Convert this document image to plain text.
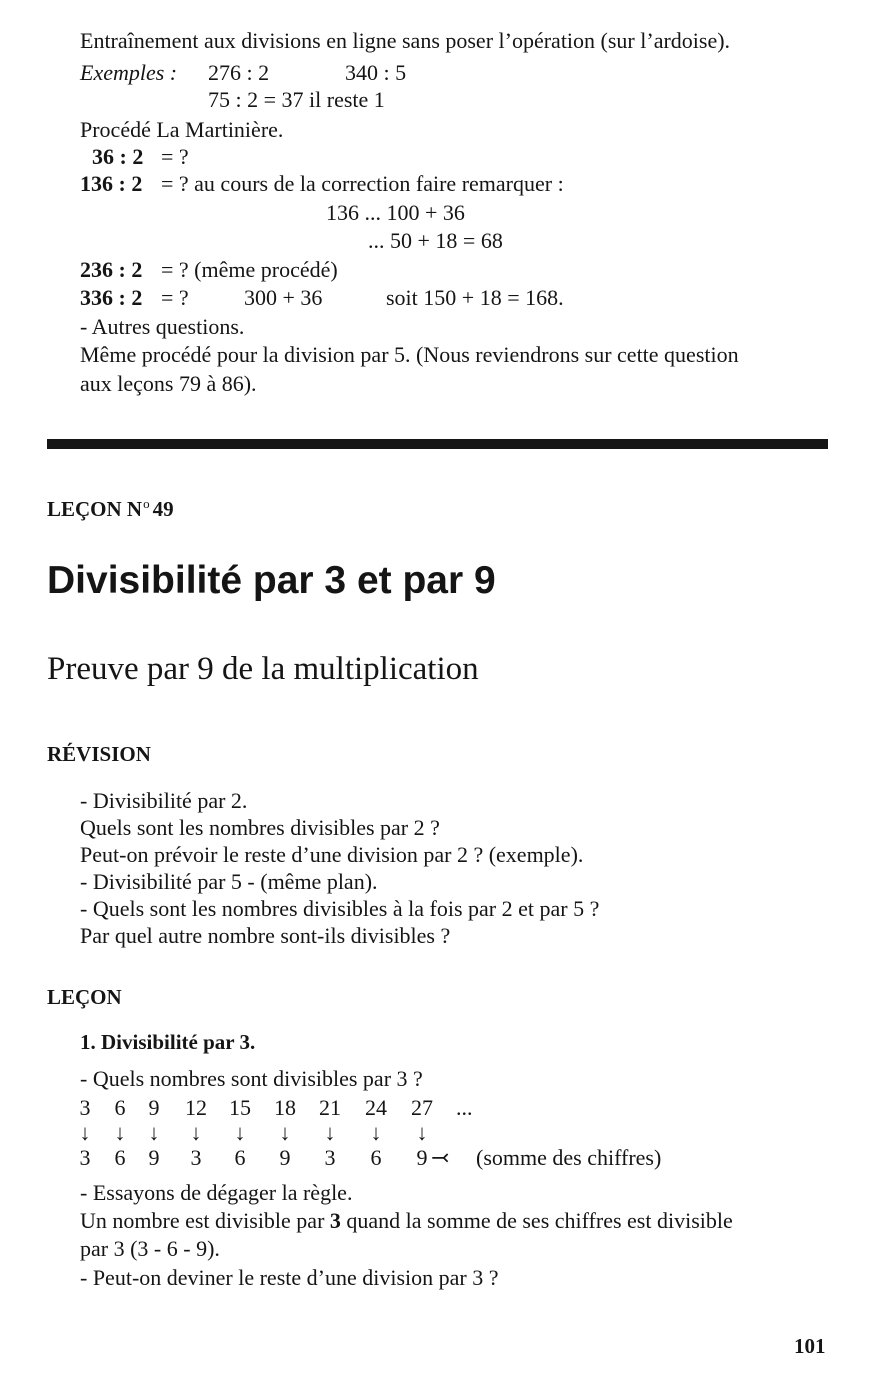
Entraînement aux divisions en ligne sans poser l’opération (sur l’ardoise).
Exemples : 276 : 2	340 : 5
75 : 2 = 37 il reste 1
Procédé La Martinière.
36 : 2 = ?
136 : 2 = ? au cours de la correction faire remarquer :
136 ... 100 + 36
... 50 + 18 = 68
236 : 2 = ? (même procédé)
336 : 2 = ?	300 + 36	soit 150 + 18 = 168.
- Autres questions.
Même procédé pour la division par 5. (Nous reviendrons sur cette question
aux leçons 79 à 86).
LEÇON $N^o$ 49
Divisibilité par 3 et par 9
Preuve par 9 de la multiplication
RÉVISION
- Divisibilité par 2.
Quels sont les nombres divisibles par 2 ?
Peut-on prévoir le reste d’une division par 2 ? (exemple).
- Divisibilité par 5 - (même plan).
- Quels sont les nombres divisibles à la fois par 2 et par 5 ?
Par quel autre nombre sont-ils divisibles ?
LEÇON
1. Divisibilité par 3.
- Quels nombres sont divisibles par 3 ?
3 6 9 12 15 18 21 24 27 ...
↓ ↓ ↓ ↓ ↓ ↓ ↓ ↓ ↓
3 6 9 3 6 9 3 6 9 ⤙ (somme des chiffres)
- Essayons de dégager la règle.
Un nombre est divisible par 3 quand la somme de ses chiffres est divisible
par 3 (3 - 6 - 9).
- Peut-on deviner le reste d’une division par 3 ?
101
